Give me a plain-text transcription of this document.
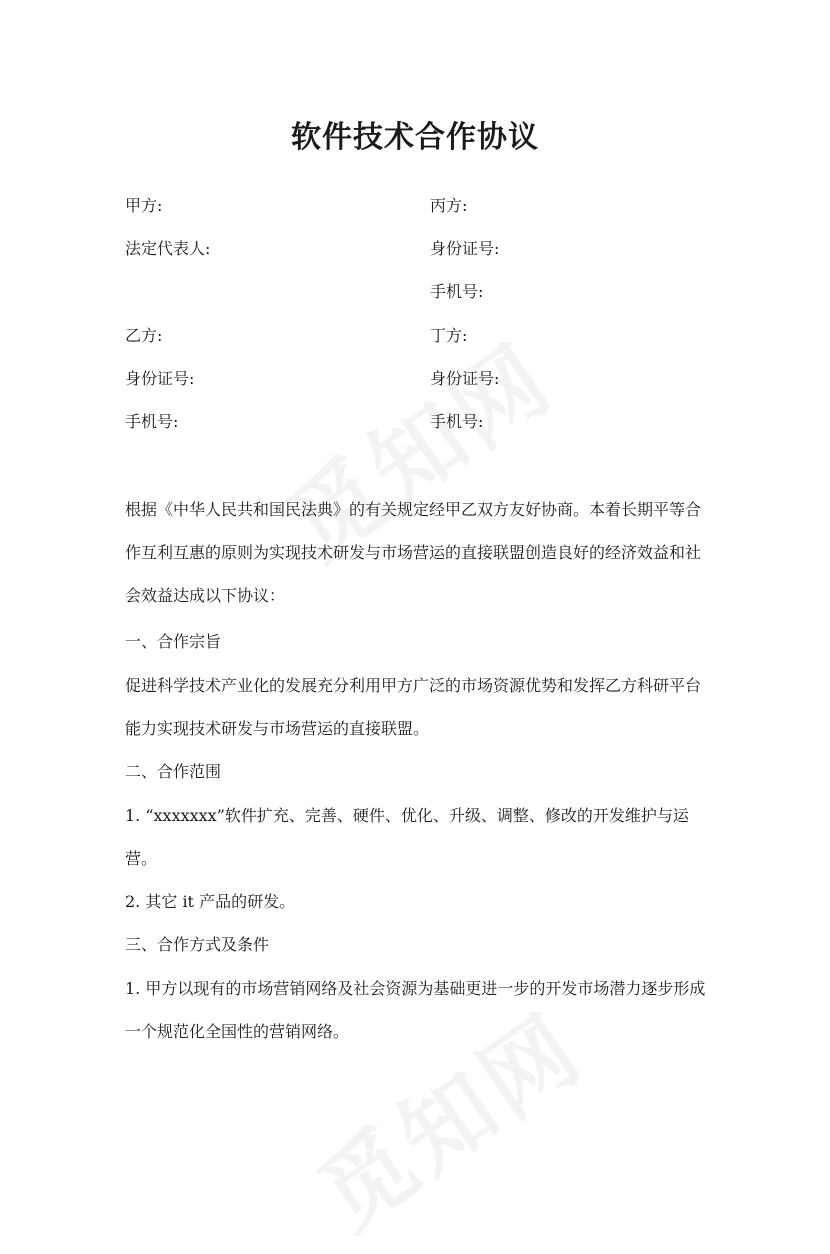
软件技术合作协议
甲方:
法定代表人:
乙方:
身份证号:
手机号:
丙方:
身份证号:
手机号:
丁方:
身份证号:
手机号:
根据《中华人民共和国民法典》的有关规定经甲乙双方友好协商。本着长期平等合作互利互惠的原则为实现技术研发与市场营运的直接联盟创造良好的经济效益和社会效益达成以下协议：
一、合作宗旨
促进科学技术产业化的发展充分利用甲方广泛的市场资源优势和发挥乙方科研平台能力实现技术研发与市场营运的直接联盟。
二、合作范围
1. “xxxxxxx”软件扩充、完善、硬件、优化、升级、调整、修改的开发维护与运营。
2. 其它 it 产品的研发。
三、合作方式及条件
1. 甲方以现有的市场营销网络及社会资源为基础更进一步的开发市场潜力逐步形成一个规范化全国性的营销网络。
